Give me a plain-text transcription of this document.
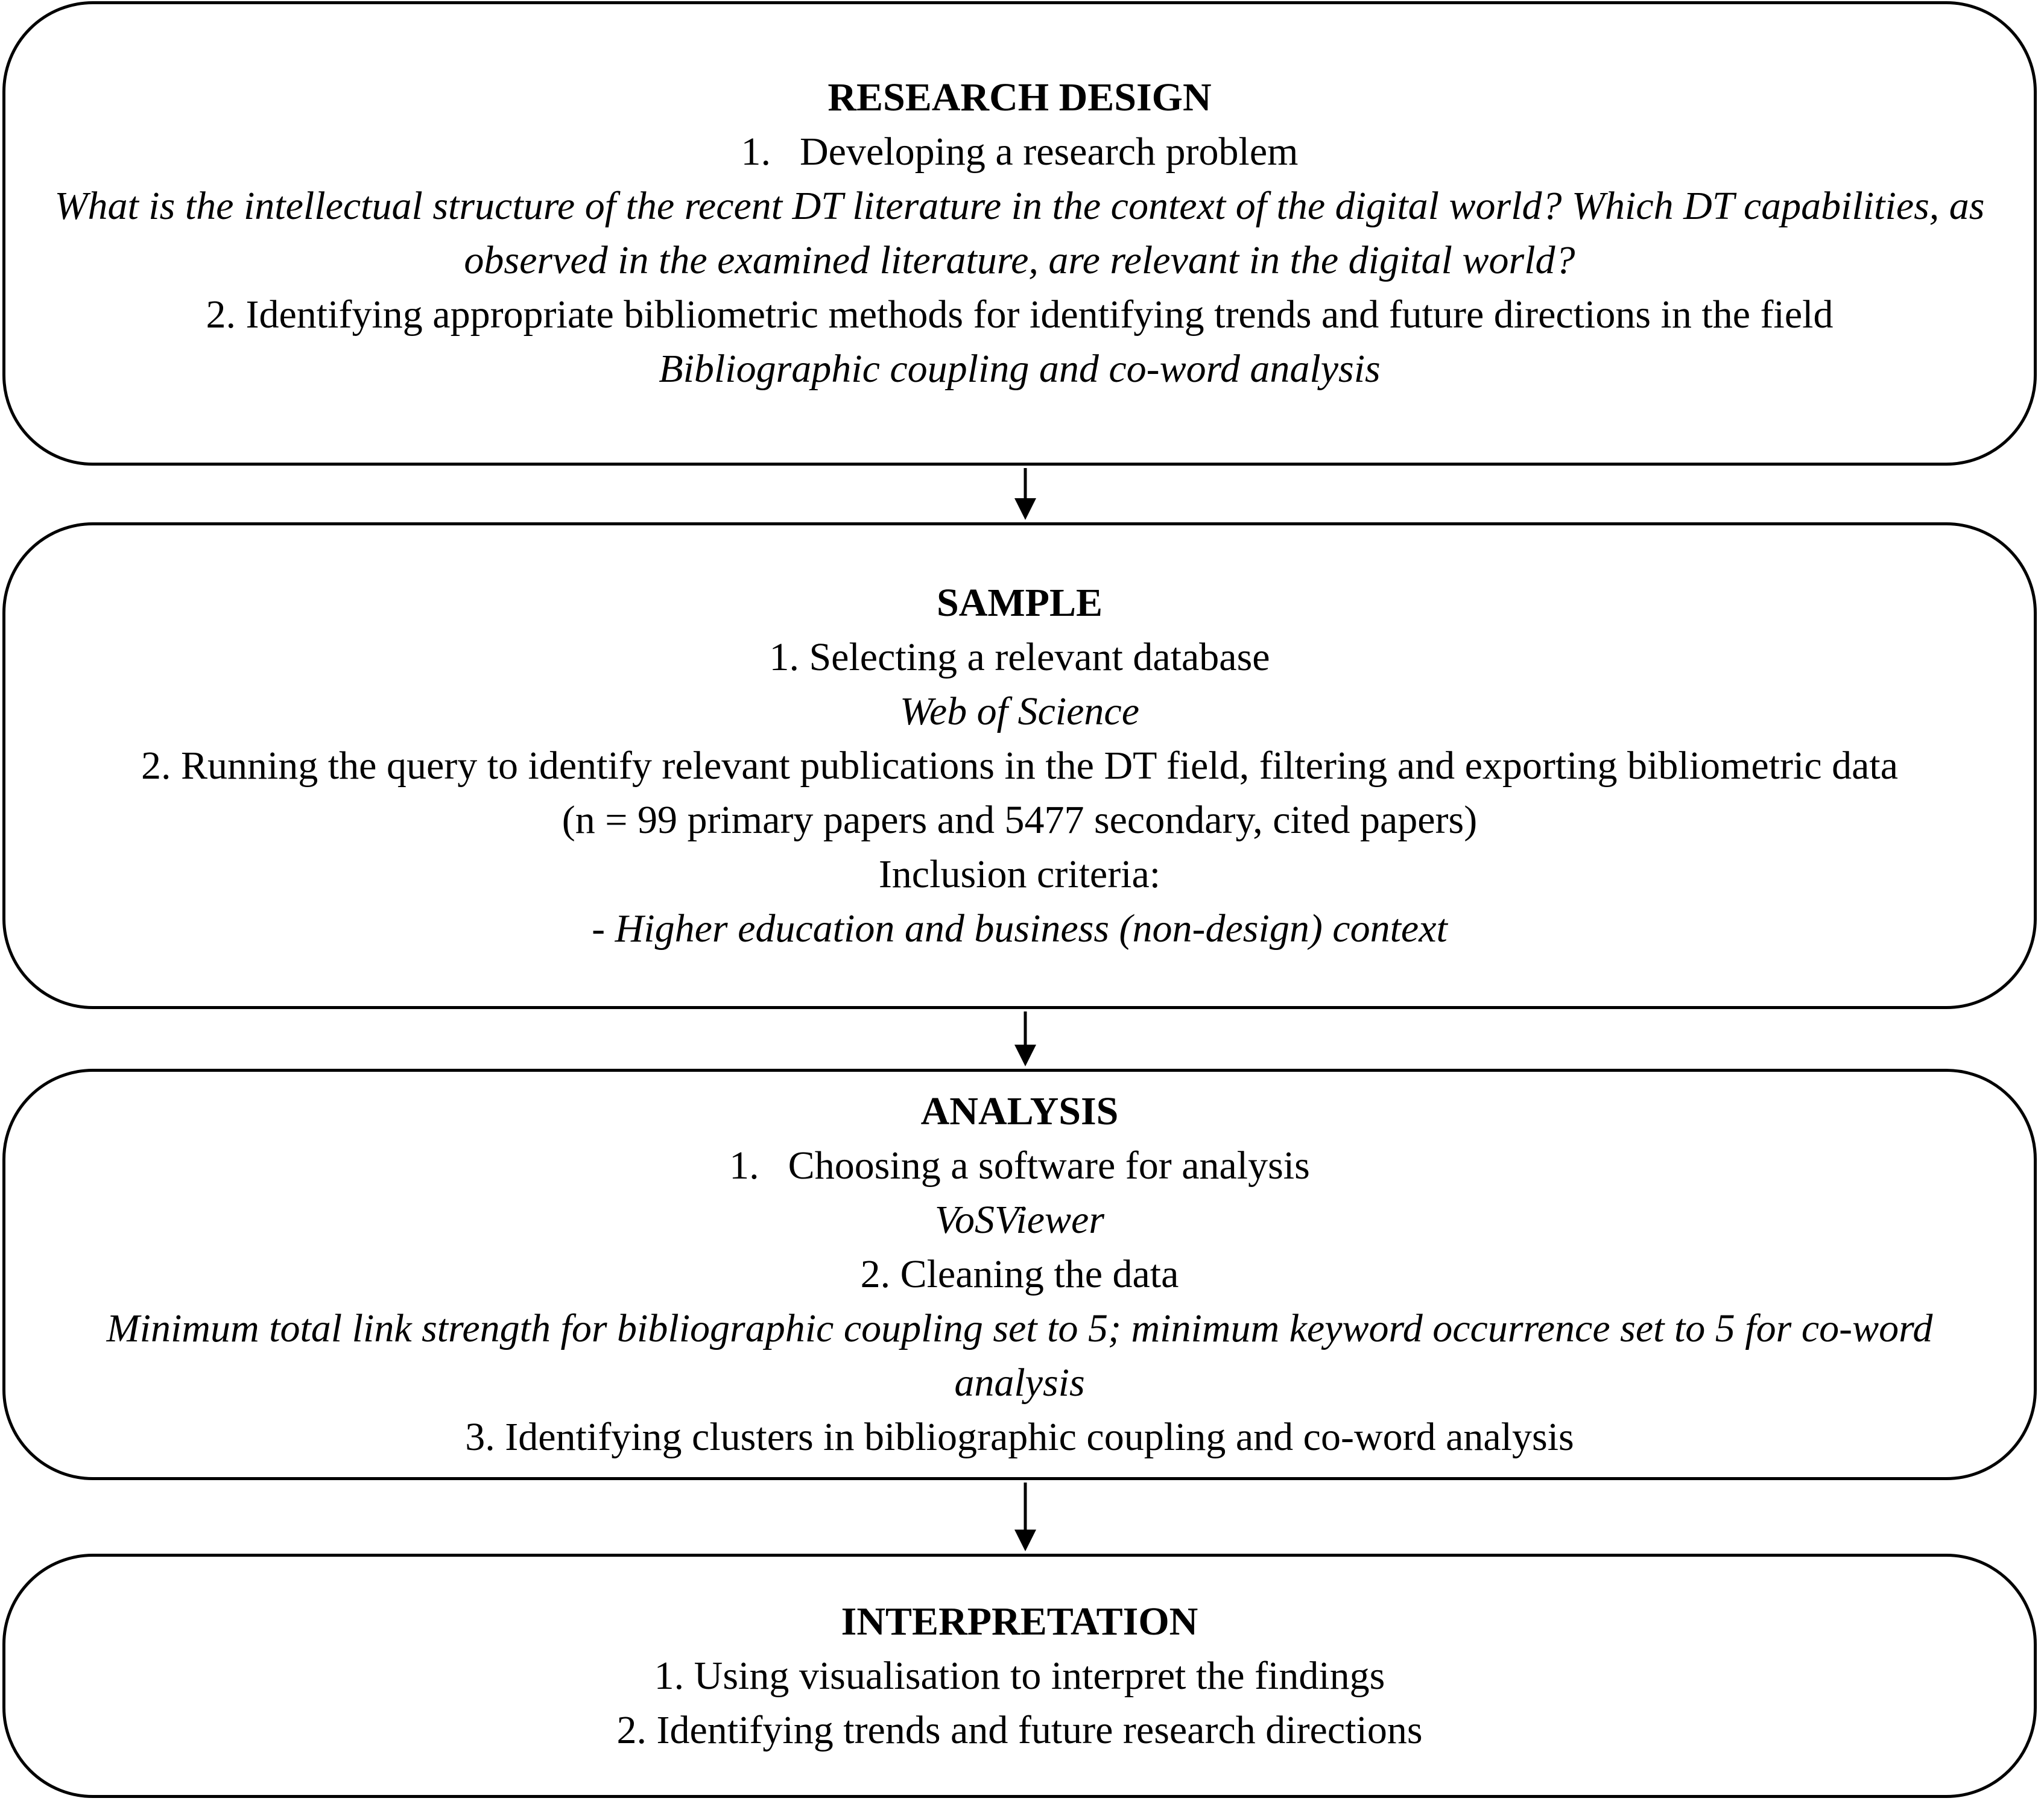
RESEARCH DESIGN
1. Developing a research problem
What is the intellectual structure of the recent DT literature in the context of the digital world? Which DT capabilities, as observed in the examined literature, are relevant in the digital world?
2. Identifying appropriate bibliometric methods for identifying trends and future directions in the field
Bibliographic coupling and co-word analysis
SAMPLE
1. Selecting a relevant database
Web of Science
2. Running the query to identify relevant publications in the DT field, filtering and exporting bibliometric data
(n = 99 primary papers and 5477 secondary, cited papers)
Inclusion criteria:
- Higher education and business (non-design) context
ANALYSIS
1. Choosing a software for analysis
VoSViewer
2. Cleaning the data
Minimum total link strength for bibliographic coupling set to 5; minimum keyword occurrence set to 5 for co-word analysis
3. Identifying clusters in bibliographic coupling and co-word analysis
INTERPRETATION
1. Using visualisation to interpret the findings
2. Identifying trends and future research directions
